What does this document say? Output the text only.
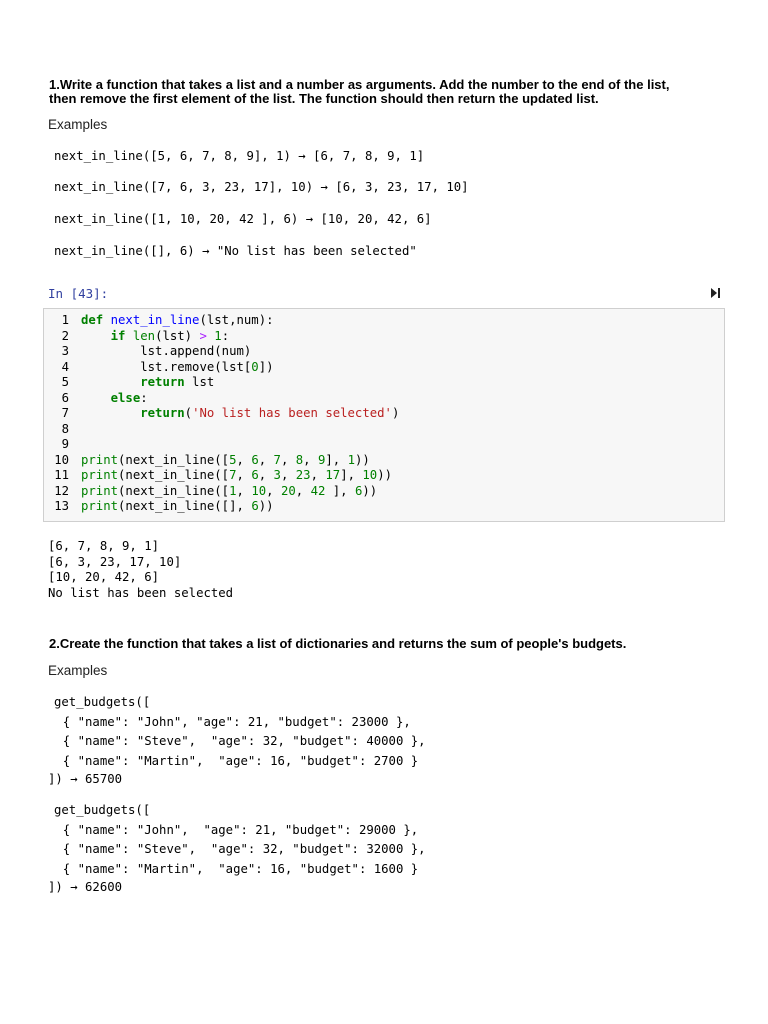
1.Write a function that takes a list and a number as arguments. Add the number to the end of the list,
then remove the first element of the list. The function should then return the updated list.
Examples
next_in_line([5, 6, 7, 8, 9], 1) → [6, 7, 8, 9, 1]
next_in_line([7, 6, 3, 23, 17], 10) → [6, 3, 23, 17, 10]
next_in_line([1, 10, 20, 42 ], 6) → [10, 20, 42, 6]
next_in_line([], 6) → "No list has been selected"
In [43]:
1 def next_in_line(lst,num):
2	if len(lst) > 1:
3	lst.append(num)
4	lst.remove(lst[0])
5	return lst
6	else:
7	return('No list has been selected')
8
9
10 print(next_in_line([5, 6, 7, 8, 9], 1))
11 print(next_in_line([7, 6, 3, 23, 17], 10))
12 print(next_in_line([1, 10, 20, 42 ], 6))
13 print(next_in_line([], 6))
[6, 7, 8, 9, 1]
[6, 3, 23, 17, 10]
[10, 20, 42, 6]
No list has been selected
2.Create the function that takes a list of dictionaries and returns the sum of people's budgets.
Examples
get_budgets([
{ "name": "John", "age": 21, "budget": 23000 },
{ "name": "Steve",  "age": 32, "budget": 40000 },
{ "name": "Martin",  "age": 16, "budget": 2700 }
]) → 65700
get_budgets([
{ "name": "John",  "age": 21, "budget": 29000 },
{ "name": "Steve",  "age": 32, "budget": 32000 },
{ "name": "Martin",  "age": 16, "budget": 1600 }
]) → 62600
